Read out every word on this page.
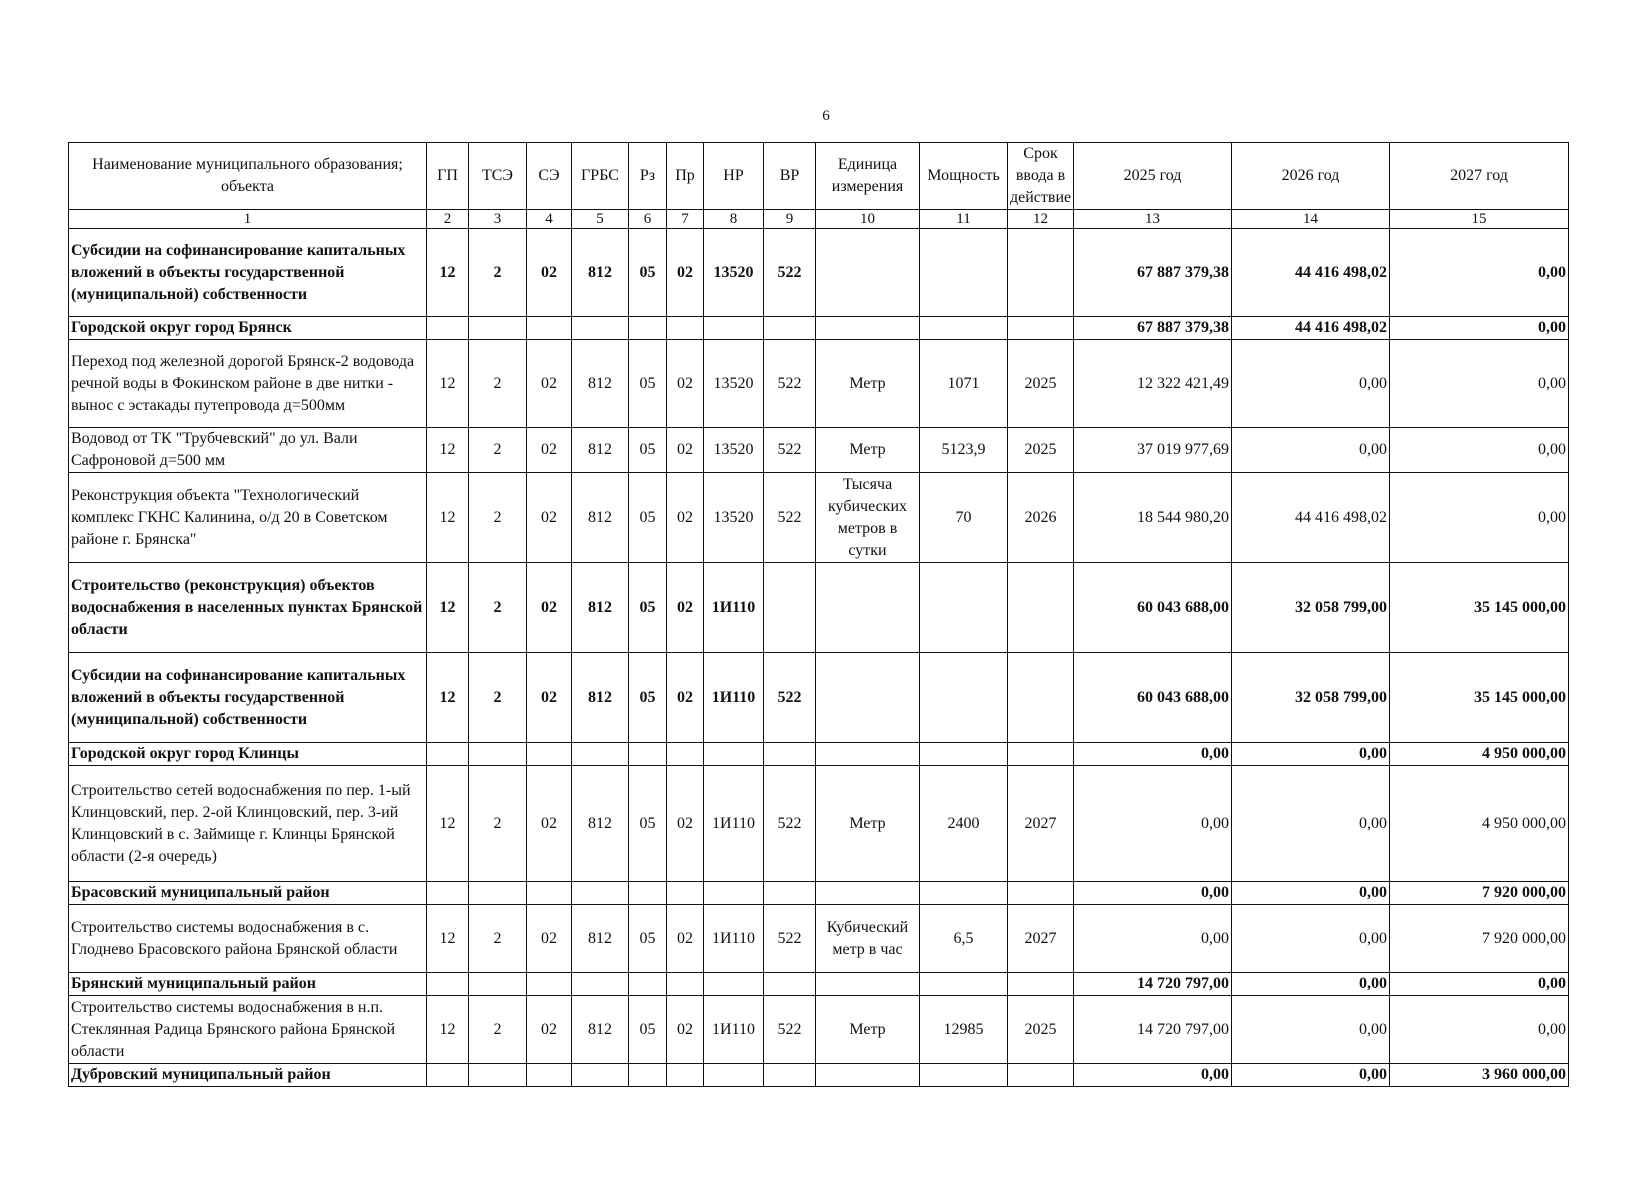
6
Наименование муниципального образования; объекта	ГП	ТСЭ	СЭ	ГРБС	Рз	Пр	НР	ВР	Единица измерения	Мощность	Срок ввода в действие	2025 год	2026 год	2027 год
1	2	3	4	5	6	7	8	9	10	11	12	13	14	15
Субсидии на софинансирование капитальных вложений в объекты государственной (муниципальной) собственности	12	2	02	812	05	02	13520	522				67 887 379,38	44 416 498,02	0,00
Городской округ город Брянск												67 887 379,38	44 416 498,02	0,00
Переход под железной дорогой Брянск-2 водовода речной воды в Фокинском районе в две нитки - вынос с эстакады путепровода д=500мм	12	2	02	812	05	02	13520	522	Метр	1071	2025	12 322 421,49	0,00	0,00
Водовод от ТК "Трубчевский" до ул. Вали Сафроновой д=500 мм	12	2	02	812	05	02	13520	522	Метр	5123,9	2025	37 019 977,69	0,00	0,00
Реконструкция объекта "Технологический комплекс ГКНС Калинина, о/д 20 в Советском районе г. Брянска"	12	2	02	812	05	02	13520	522	Тысяча кубических метров в сутки	70	2026	18 544 980,20	44 416 498,02	0,00
Строительство (реконструкция) объектов водоснабжения в населенных пунктах Брянской области	12	2	02	812	05	02	1И110					60 043 688,00	32 058 799,00	35 145 000,00
Субсидии на софинансирование капитальных вложений в объекты государственной (муниципальной) собственности	12	2	02	812	05	02	1И110	522				60 043 688,00	32 058 799,00	35 145 000,00
Городской округ город Клинцы												0,00	0,00	4 950 000,00
Строительство сетей водоснабжения по пер. 1-ый Клинцовский, пер. 2-ой Клинцовский, пер. 3-ий Клинцовский в с. Займище г. Клинцы Брянской области (2-я очередь)	12	2	02	812	05	02	1И110	522	Метр	2400	2027	0,00	0,00	4 950 000,00
Брасовский муниципальный район												0,00	0,00	7 920 000,00
Строительство системы водоснабжения в с. Глоднево Брасовского района Брянской области	12	2	02	812	05	02	1И110	522	Кубический метр в час	6,5	2027	0,00	0,00	7 920 000,00
Брянский муниципальный район												14 720 797,00	0,00	0,00
Строительство системы водоснабжения в н.п. Стеклянная Радица Брянского района Брянской области	12	2	02	812	05	02	1И110	522	Метр	12985	2025	14 720 797,00	0,00	0,00
Дубровский муниципальный район												0,00	0,00	3 960 000,00
